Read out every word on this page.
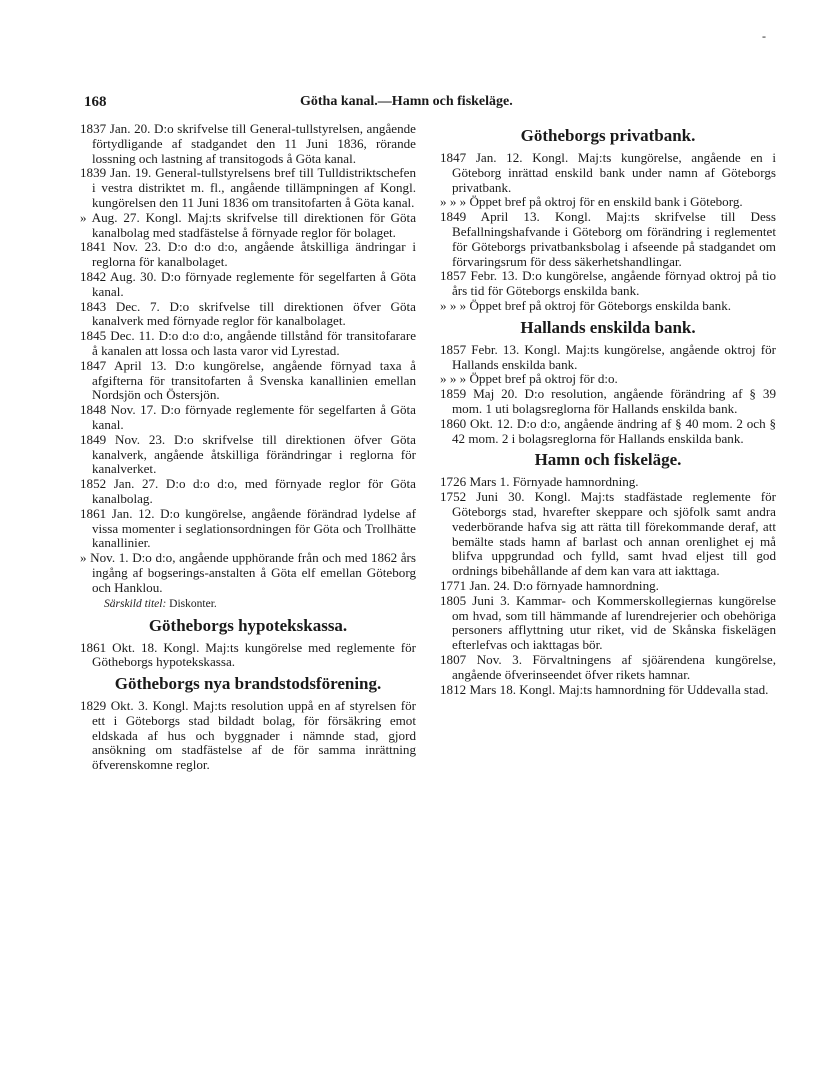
-
168	Götha kanal.—Hamn och fiskeläge.

1837 Jan. 20. D:o skrifvelse till General-tullstyrelsen, angående förtydligande af stadgandet den 11 Juni 1836, rörande lossning och lastning af transitogods å Göta kanal.

1839 Jan. 19. General-tullstyrelsens bref till Tulldistriktschefen i vestra distriktet m. fl., angående tillämpningen af Kongl. kungörelsen den 11 Juni 1836 om transitofarten å Göta kanal.

» Aug. 27. Kongl. Maj:ts skrifvelse till direktionen för Göta kanalbolag med stadfästelse å förnyade reglor för bolaget.

1841 Nov. 23. D:o d:o d:o, angående åtskilliga ändringar i reglorna för kanalbolaget.

1842 Aug. 30. D:o förnyade reglemente för segelfarten å Göta kanal.

1843 Dec. 7. D:o skrifvelse till direktionen öfver Göta kanalverk med förnyade reglor för kanalbolaget.

1845 Dec. 11. D:o d:o d:o, angående tillstånd för transitofarare å kanalen att lossa och lasta varor vid Lyrestad.

1847 April 13. D:o kungörelse, angående förnyad taxa å afgifterna för transitofarten å Svenska kanallinien emellan Nordsjön och Östersjön.

1848 Nov. 17. D:o förnyade reglemente för segelfarten å Göta kanal.

1849 Nov. 23. D:o skrifvelse till direktionen öfver Göta kanalverk, angående åtskilliga förändringar i reglorna för kanalverket.

1852 Jan. 27. D:o d:o d:o, med förnyade reglor för Göta kanalbolag.

1861 Jan. 12. D:o kungörelse, angående förändrad lydelse af vissa momenter i seglationsordningen för Göta och Trollhätte kanallinier.

» Nov. 1. D:o d:o, angående upphörande från och med 1862 års ingång af bogserings-anstalten å Göta elf emellan Göteborg och Hanklou.

Särskild titel: Diskonter.

Götheborgs hypotekskassa.

1861 Okt. 18. Kongl. Maj:ts kungörelse med reglemente för Götheborgs hypotekskassa.

Götheborgs nya brandstodsförening.

1829 Okt. 3. Kongl. Maj:ts resolution uppå en af styrelsen för ett i Göteborgs stad bildadt bolag, för försäkring emot eldskada af hus och byggnader i nämnde stad, gjord ansökning om stadfästelse af de för samma inrättning öfverenskomne reglor.

Götheborgs privatbank.

1847 Jan. 12. Kongl. Maj:ts kungörelse, angående en i Göteborg inrättad enskild bank under namn af Göteborgs privatbank.

» » » Öppet bref på oktroj för en enskild bank i Göteborg.

1849 April 13. Kongl. Maj:ts skrifvelse till Dess Befallningshafvande i Göteborg om förändring i reglementet för Göteborgs privatbanksbolag i afseende på stadgandet om förvaringsrum för dess säkerhetshandlingar.

1857 Febr. 13. D:o kungörelse, angående förnyad oktroj på tio års tid för Göteborgs enskilda bank.

» » » Öppet bref på oktroj för Göteborgs enskilda bank.

Hallands enskilda bank.

1857 Febr. 13. Kongl. Maj:ts kungörelse, angående oktroj för Hallands enskilda bank.

» » » Öppet bref på oktroj för d:o.

1859 Maj 20. D:o resolution, angående förändring af § 39 mom. 1 uti bolagsreglorna för Hallands enskilda bank.

1860 Okt. 12. D:o d:o, angående ändring af § 40 mom. 2 och § 42 mom. 2 i bolagsreglorna för Hallands enskilda bank.

Hamn och fiskeläge.

1726 Mars 1. Förnyade hamnordning.

1752 Juni 30. Kongl. Maj:ts stadfästade reglemente för Göteborgs stad, hvarefter skeppare och sjöfolk samt andra vederbörande hafva sig att rätta till förekommande deraf, att bemälte stads hamn af barlast och annan orenlighet ej må blifva uppgrundad och fylld, samt hvad eljest till god ordnings bibehållande af dem kan vara att iakttaga.

1771 Jan. 24. D:o förnyade hamnordning.

1805 Juni 3. Kammar- och Kommerskollegiernas kungörelse om hvad, som till hämmande af lurendrejerier och obehöriga personers afflyttning utur riket, vid de Skånska fiskelägen efterlefvas och iakttagas bör.

1807 Nov. 3. Förvaltningens af sjöärendena kungörelse, angående öfverinseendet öfver rikets hamnar.

1812 Mars 18. Kongl. Maj:ts hamnordning för Uddevalla stad.
